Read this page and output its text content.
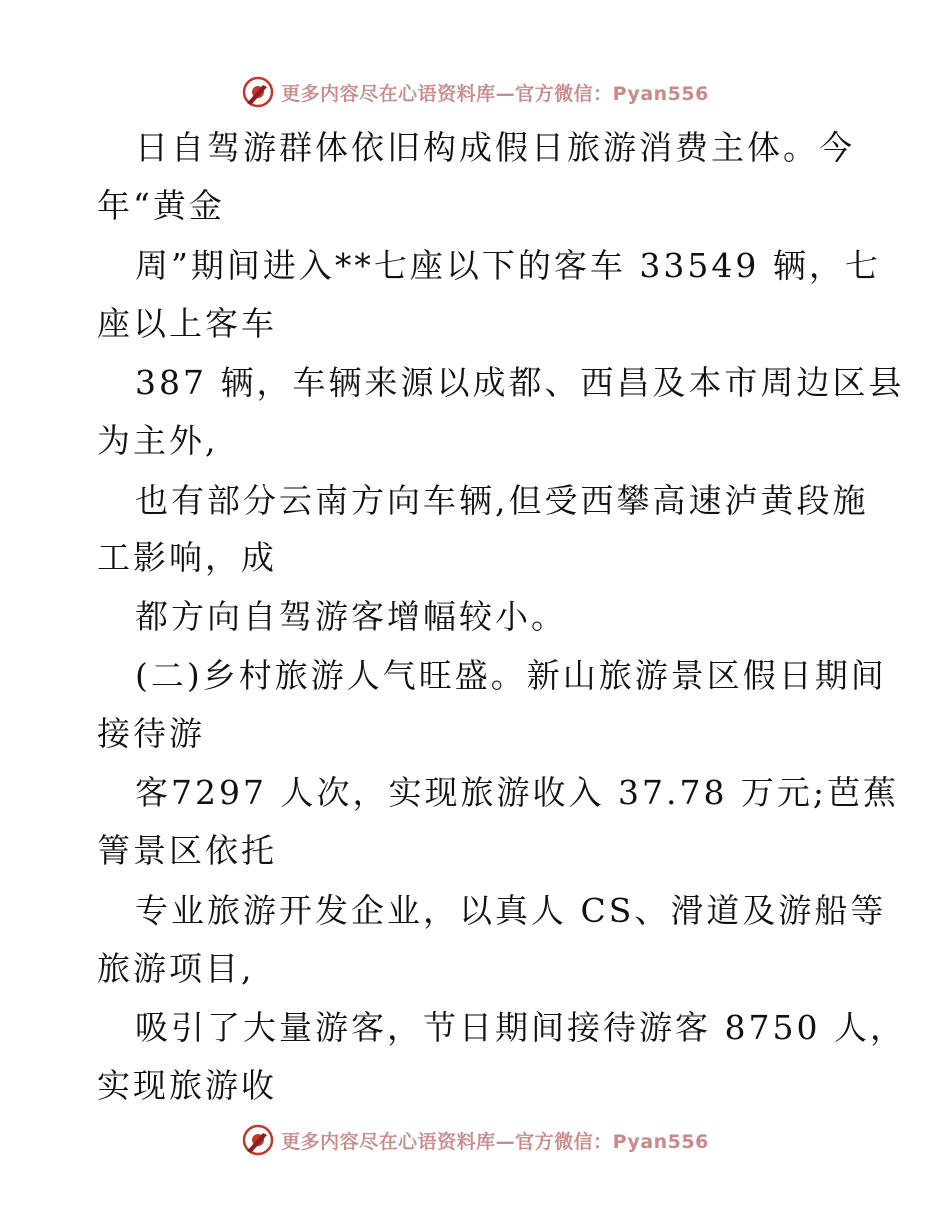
更多内容尽在心语资料库—官方微信：Pyan556
日自驾游群体依旧构成假日旅游消费主体。今
年“黄金
周”期间进入**七座以下的客车 33549 辆，七
座以上客车
387 辆，车辆来源以成都、西昌及本市周边区县
为主外,
也有部分云南方向车辆,但受西攀高速泸黄段施
工影响，成
都方向自驾游客增幅较小。
(二)乡村旅游人气旺盛。新山旅游景区假日期间
接待游
客7297 人次，实现旅游收入 37.78 万元;芭蕉
箐景区依托
专业旅游开发企业，以真人 CS、滑道及游船等
旅游项目,
吸引了大量游客，节日期间接待游客 8750 人，
实现旅游收
更多内容尽在心语资料库—官方微信：Pyan556
